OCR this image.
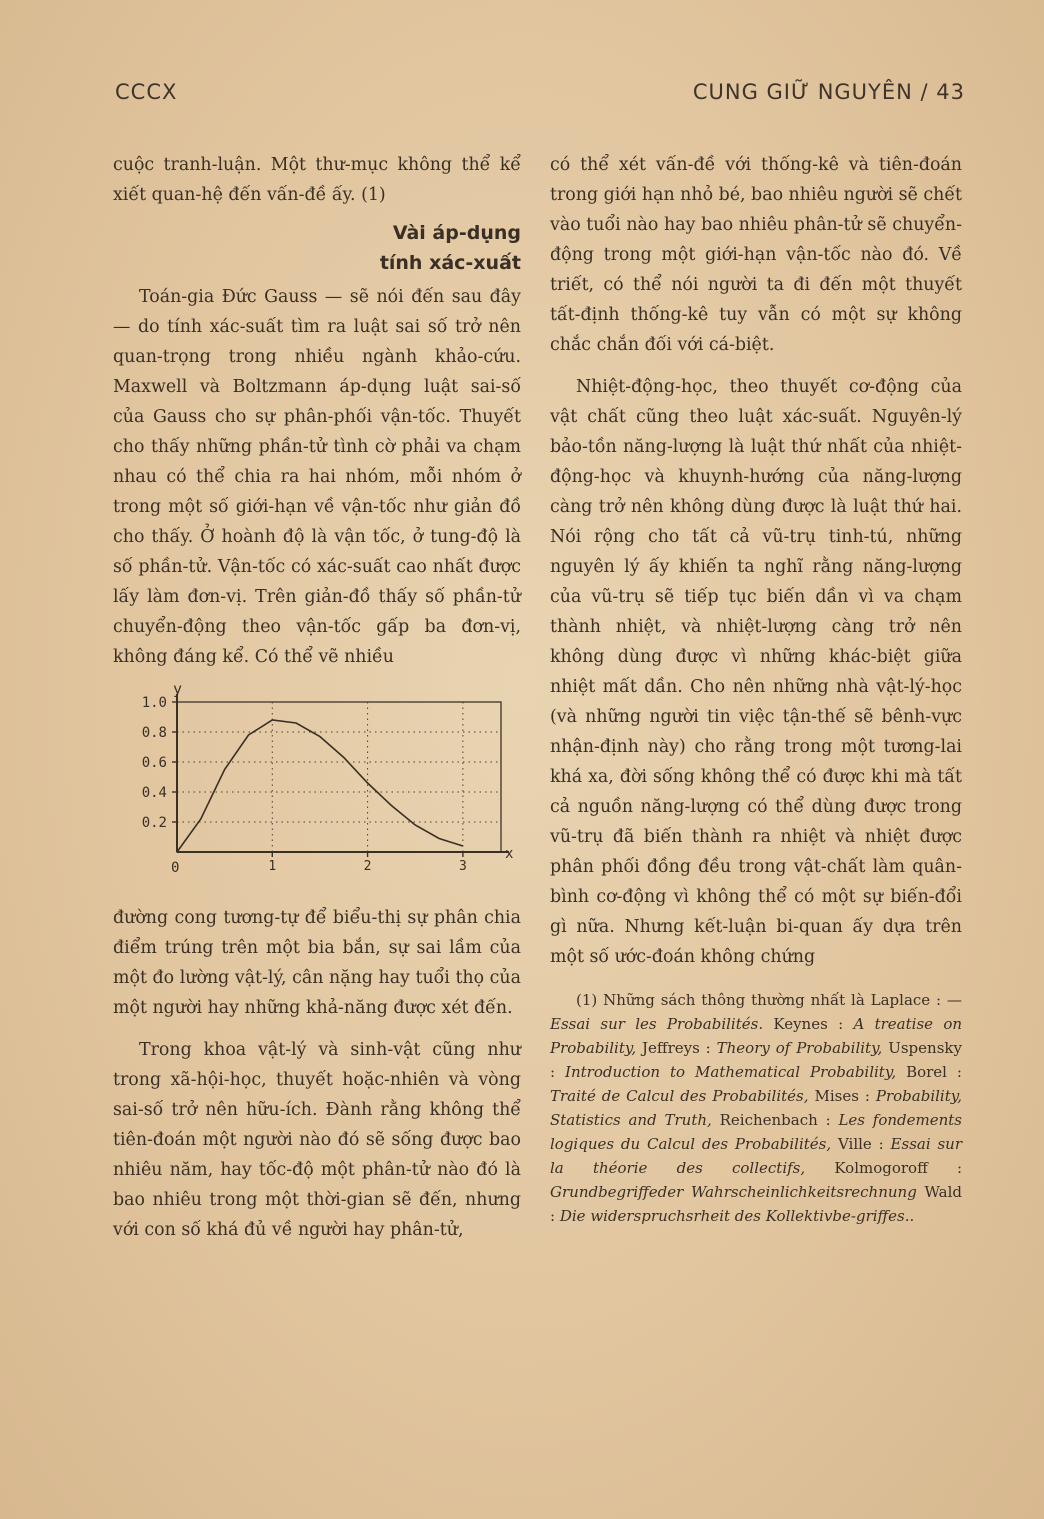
CCCX	CUNG GIỮ NGUYÊN / 43

cuộc tranh-luận. Một thư-mục không thể kể xiết quan-hệ đến vấn-đề ấy. (1)

Vài áp-dụng
tính xác-xuất

Toán-gia Đức Gauss — sẽ nói đến sau đây — do tính xác-suất tìm ra luật sai số trở nên quan-trọng trong nhiều ngành khảo-cứu. Maxwell và Boltzmann áp-dụng luật sai-số của Gauss cho sự phân-phối vận-tốc. Thuyết cho thấy những phần-tử tình cờ phải va chạm nhau có thể chia ra hai nhóm, mỗi nhóm ở trong một số giới-hạn về vận-tốc như giản đồ cho thấy. Ở hoành độ là vận tốc, ở tung-độ là số phần-tử. Vận-tốc có xác-suất cao nhất được lấy làm đơn-vị. Trên giản-đồ thấy số phần-tử chuyển-động theo vận-tốc gấp ba đơn-vị, không đáng kể. Có thể vẽ nhiều

1.0
0.8
0.6
0.4
0.2
1	2	3
y
0
x

đường cong tương-tự để biểu-thị sự phân chia điểm trúng trên một bia bắn, sự sai lầm của một đo lường vật-lý, cân nặng hay tuổi thọ của một người hay những khả-năng được xét đến.

Trong khoa vật-lý và sinh-vật cũng như trong xã-hội-học, thuyết hoặc-nhiên và vòng sai-số trở nên hữu-ích. Đành rằng không thể tiên-đoán một người nào đó sẽ sống được bao nhiêu năm, hay tốc-độ một phân-tử nào đó là bao nhiêu trong một thời-gian sẽ đến, nhưng với con số khá đủ về người hay phân-tử,

có thể xét vấn-đề với thống-kê và tiên-đoán trong giới hạn nhỏ bé, bao nhiêu người sẽ chết vào tuổi nào hay bao nhiêu phân-tử sẽ chuyển-động trong một giới-hạn vận-tốc nào đó. Về triết, có thể nói người ta đi đến một thuyết tất-định thống-kê tuy vẫn có một sự không chắc chắn đối với cá-biệt.

Nhiệt-động-học, theo thuyết cơ-động của vật chất cũng theo luật xác-suất. Nguyên-lý bảo-tồn năng-lượng là luật thứ nhất của nhiệt-động-học và khuynh-hướng của năng-lượng càng trở nên không dùng được là luật thứ hai. Nói rộng cho tất cả vũ-trụ tinh-tú, những nguyên lý ấy khiến ta nghĩ rằng năng-lượng của vũ-trụ sẽ tiếp tục biến dần vì va chạm thành nhiệt, và nhiệt-lượng càng trở nên không dùng được vì những khác-biệt giữa nhiệt mất dần. Cho nên những nhà vật-lý-học (và những người tin việc tận-thế sẽ bênh-vực nhận-định này) cho rằng trong một tương-lai khá xa, đời sống không thể có được khi mà tất cả nguồn năng-lượng có thể dùng được trong vũ-trụ đã biến thành ra nhiệt và nhiệt được phân phối đồng đều trong vật-chất làm quân-bình cơ-động vì không thể có một sự biến-đổi gì nữa. Nhưng kết-luận bi-quan ấy dựa trên một số ước-đoán không chứng

(1) Những sách thông thường nhất là Laplace : — Essai sur les Probabilités. Keynes : A treatise on Probability, Jeffreys : Theory of Probability, Uspensky : Introduction to Mathematical Probability, Borel : Traité de Calcul des Probabilités, Mises : Probability, Statistics and Truth, Reichenbach : Les fondements logiques du Calcul des Probabilités, Ville : Essai sur la théorie des collectifs, Kolmogoroff : Grundbegriffeder Wahrscheinlichkeitsrechnung Wald : Die widerspruchsrheit des Kollektivbe-griffes..
